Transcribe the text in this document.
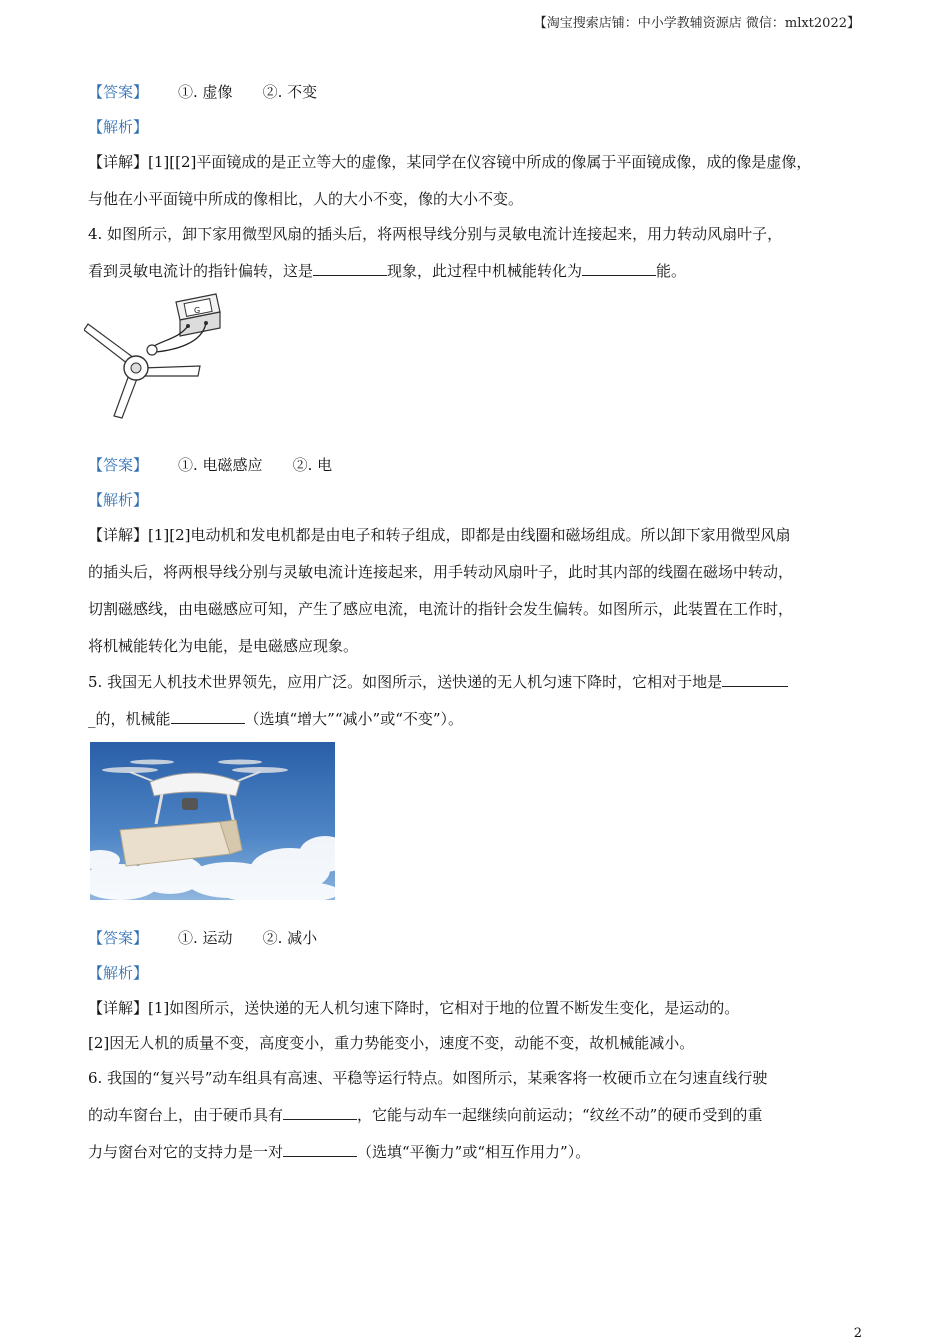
【淘宝搜索店铺：中小学教辅资源店 微信：mlxt2022】
【答案】 ①. 虚像 ②. 不变
【解析】
【详解】[1][[2]平面镜成的是正立等大的虚像，某同学在仪容镜中所成的像属于平面镜成像，成的像是虚像，
与他在小平面镜中所成的像相比，人的大小不变，像的大小不变。
4. 如图所示，卸下家用微型风扇的插头后，将两根导线分别与灵敏电流计连接起来，用力转动风扇叶子，
看到灵敏电流计的指针偏转，这是	现象，此过程中机械能转化为	能。
G
【答案】 ①. 电磁感应 ②. 电
【解析】
【详解】[1][2]电动机和发电机都是由电子和转子组成，即都是由线圈和磁场组成。所以卸下家用微型风扇
的插头后，将两根导线分别与灵敏电流计连接起来，用手转动风扇叶子，此时其内部的线圈在磁场中转动，
切割磁感线，由电磁感应可知，产生了感应电流，电流计的指针会发生偏转。如图所示，此装置在工作时，
将机械能转化为电能，是电磁感应现象。
5. 我国无人机技术世界领先，应用广泛。如图所示，送快递的无人机匀速下降时，它相对于地是
_的，机械能	（选填“增大”“减小”或“不变”）。
【答案】 ①. 运动 ②. 减小
【解析】
【详解】[1]如图所示，送快递的无人机匀速下降时，它相对于地的位置不断发生变化，是运动的。
[2]因无人机的质量不变，高度变小，重力势能变小，速度不变，动能不变，故机械能减小。
6. 我国的“复兴号”动车组具有高速、平稳等运行特点。如图所示，某乘客将一枚硬币立在匀速直线行驶
的动车窗台上，由于硬币具有	，它能与动车一起继续向前运动；“纹丝不动”的硬币受到的重
力与窗台对它的支持力是一对	（选填“平衡力”或“相互作用力”）。
2
